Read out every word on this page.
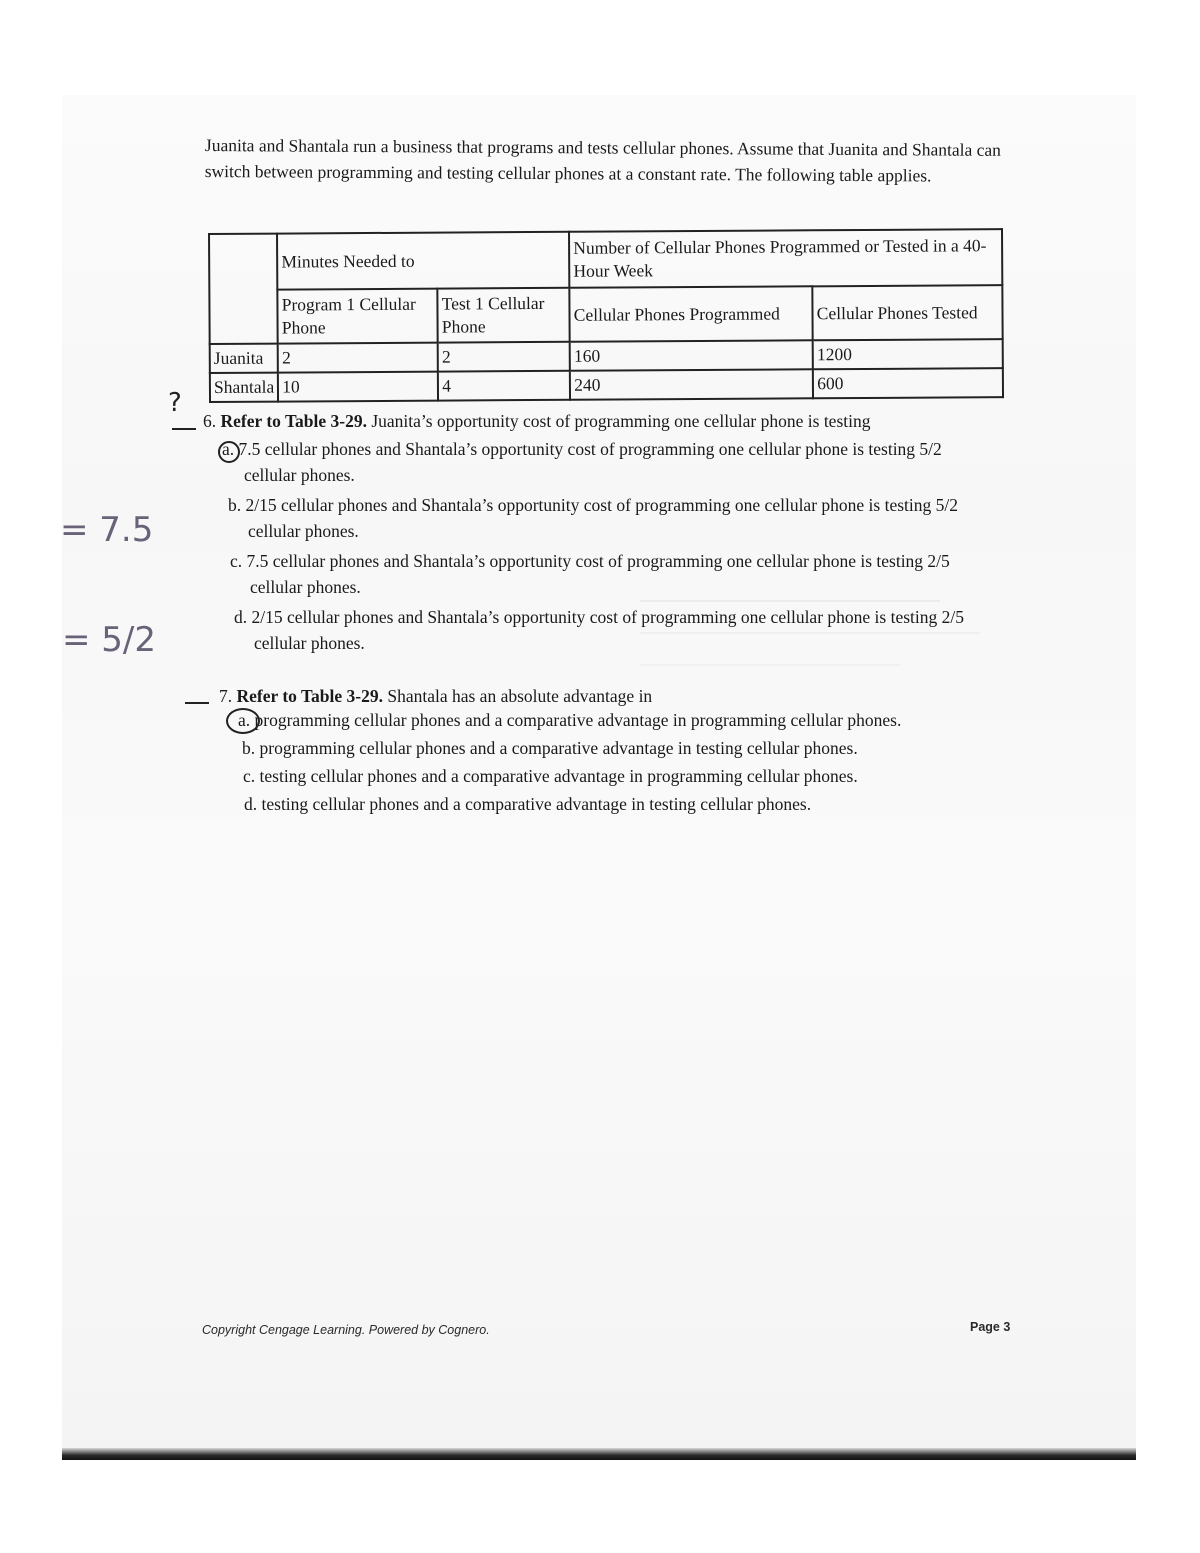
Juanita and Shantala run a business that programs and tests cellular phones. Assume that Juanita and Shantala can switch between programming and testing cellular phones at a constant rate. The following table applies.
	Minutes Needed to		Number of Cellular Phones Programmed or Tested in a 40-Hour Week	
	Program 1 Cellular Phone	Test 1 Cellular Phone	Cellular Phones Programmed	Cellular Phones Tested
Juanita	2	2	160	1200
Shantala	10	4	240	600
6. Refer to Table 3-29. Juanita’s opportunity cost of programming one cellular phone is testing
a. 7.5 cellular phones and Shantala’s opportunity cost of programming one cellular phone is testing 5/2
cellular phones.
b. 2/15 cellular phones and Shantala’s opportunity cost of programming one cellular phone is testing 5/2
cellular phones.
c. 7.5 cellular phones and Shantala’s opportunity cost of programming one cellular phone is testing 2/5
cellular phones.
d. 2/15 cellular phones and Shantala’s opportunity cost of programming one cellular phone is testing 2/5
cellular phones.
7. Refer to Table 3-29. Shantala has an absolute advantage in
a. programming cellular phones and a comparative advantage in programming cellular phones.
b. programming cellular phones and a comparative advantage in testing cellular phones.
c. testing cellular phones and a comparative advantage in programming cellular phones.
d. testing cellular phones and a comparative advantage in testing cellular phones.
?
= 7.5
= 5/2
Copyright Cengage Learning. Powered by Cognero.	Page 3
